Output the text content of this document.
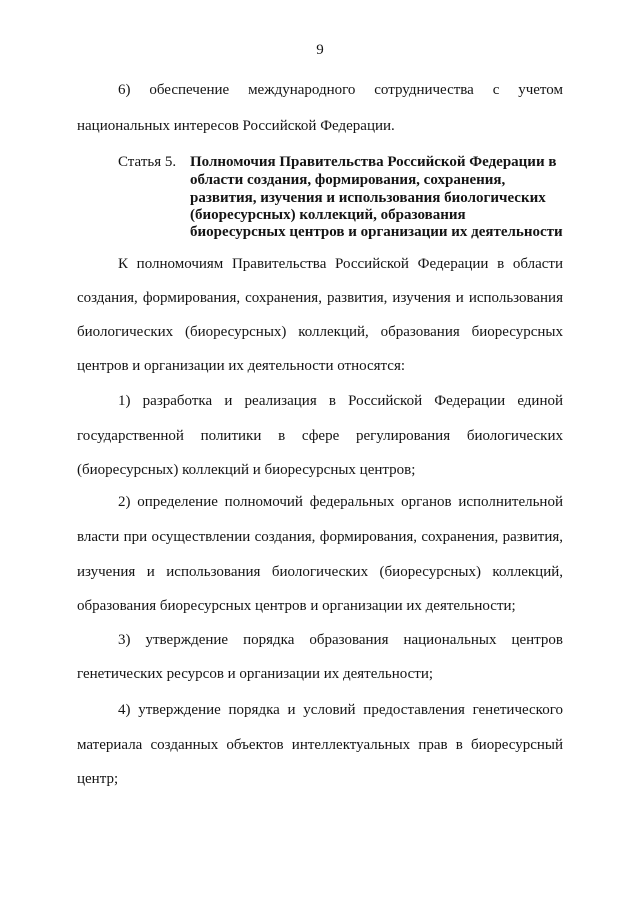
9
6) обеспечение международного сотрудничества с учетом
национальных интересов Российской Федерации.
Статья 5. Полномочия Правительства Российской Федерации в
области создания, формирования, сохранения,
развития, изучения и использования биологических
(биоресурсных) коллекций, образования
биоресурсных центров и организации их деятельности
К полномочиям Правительства Российской Федерации в области
создания, формирования, сохранения, развития, изучения и использования
биологических (биоресурсных) коллекций, образования биоресурсных
центров и организации их деятельности относятся:
1) разработка и реализация в Российской Федерации единой
государственной политики в сфере регулирования биологических
(биоресурсных) коллекций и биоресурсных центров;
2) определение полномочий федеральных органов исполнительной
власти при осуществлении создания, формирования, сохранения, развития,
изучения и использования биологических (биоресурсных) коллекций,
образования биоресурсных центров и организации их деятельности;
3) утверждение порядка образования национальных центров
генетических ресурсов и организации их деятельности;
4) утверждение порядка и условий предоставления генетического
материала созданных объектов интеллектуальных прав в биоресурсный
центр;
